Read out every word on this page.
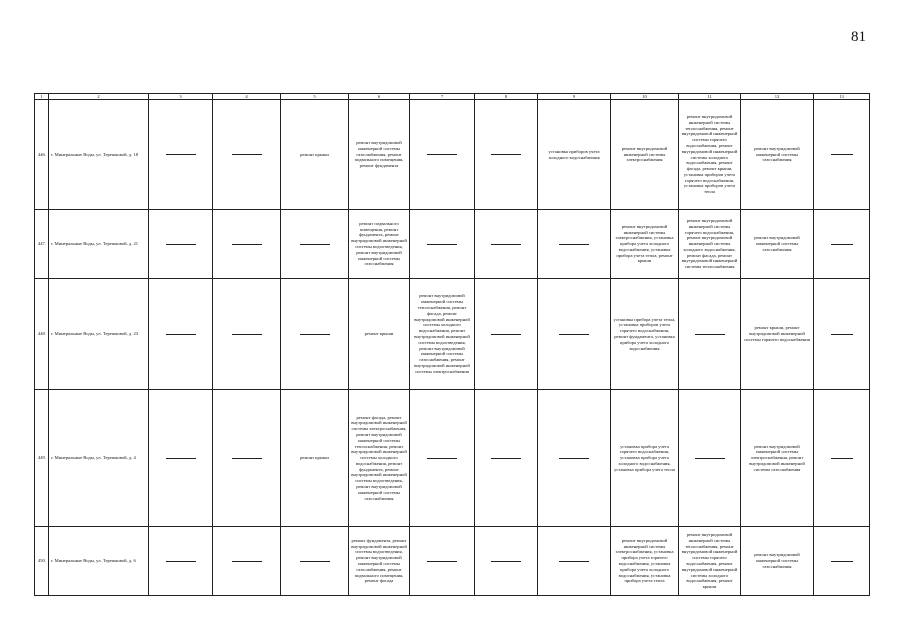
81
1	2	3	4	5	6	7	8	9	10	11	12	13
446.	г. Минеральные Воды, ул. Терешковой, д. 18			ремонт крыши	ремонт внутридомовой инженерной системы газоснабжения, ремонт подвального помещения, ремонт фундамента			установка приборов учета холодного водоснабжения	ремонт внутридомовой инженерной системы электроснабжения	ремонт внутридомовой инженерной системы теплоснабжения, ремонт внутридомовой инженерной системы горячего водоснабжения, ремонт внутридомовой инженерной системы холодного водоснабжения, ремонт фасада, ремонт крыши, установка приборов учета горячего водоснабжения, установка приборов учета тепла	ремонт внутридомовой инженерной системы газоснабжения	
447.	г. Минеральные Воды, ул. Терешковой, д. 21				ремонт подвального помещения, ремонт фундамента, ремонт внутридомовой инженерной системы водоотведения, ремонт внутридомовой инженерной системы газоснабжения				ремонт внутридомовой инженерной системы электроснабжения, установка прибора учета холодного водоснабжения, установка прибора учета тепла, ремонт крыши	ремонт внутридомовой инженерной системы горячего водоснабжения, ремонт внутридомовой инженерной системы холодного водоснабжения, ремонт фасада, ремонт внутридомовой инженерной системы теплоснабжения	ремонт внутридомовой инженерной системы газоснабжения	
448.	г. Минеральные Воды, ул. Терешковой, д. 23				ремонт крыши	ремонт внутридомовой инженерной системы теплоснабжения, ремонт фасада, ремонт внутридомовой инженерной системы холодного водоснабжения, ремонт внутридомовой инженерной системы водоотведения, ремонт внутридомовой инженерной системы газоснабжения, ремонт внутридомовой инженерной системы электроснабжения			установка прибора учета тепла, установка приборов учета горячего водоснабжения, ремонт фундамента, установка прибора учета холодного водоснабжения		ремонт крыши, ремонт внутридомовой инженерной системы горячего водоснабжения	
449.	г. Минеральные Воды, ул. Терешковой, д. 4			ремонт крыши	ремонт фасада, ремонт внутридомовой инженерной системы электроснабжения, ремонт внутридомовой инженерной системы теплоснабжения, ремонт внутридомовой инженерной системы холодного водоснабжения, ремонт фундамента, ремонт внутридомовой инженерной системы водоотведения, ремонт внутридомовой инженерной системы газоснабжения				установка прибора учета горячего водоснабжения, установка прибора учета холодного водоснабжения, установка прибора учета тепла		ремонт внутридомовой инженерной системы электроснабжения, ремонт внутридомовой инженерной системы газоснабжения	
450.	г. Минеральные Воды, ул. Терешковой, д. 6				ремонт фундамента, ремонт внутридомовой инженерной системы водоотведения, ремонт внутридомовой инженерной системы газоснабжения, ремонт подвального помещения, ремонт фасада				ремонт внутридомовой инженерной системы электроснабжения, установка прибора учета горячего водоснабжения, установка прибора учета холодного водоснабжения, установка прибора учета тепла	ремонт внутридомовой инженерной системы теплоснабжения, ремонт внутридомовой инженерной системы горячего водоснабжения, ремонт внутридомовой инженерной системы холодного водоснабжения, ремонт крыши	ремонт внутридомовой инженерной системы газоснабжения	
